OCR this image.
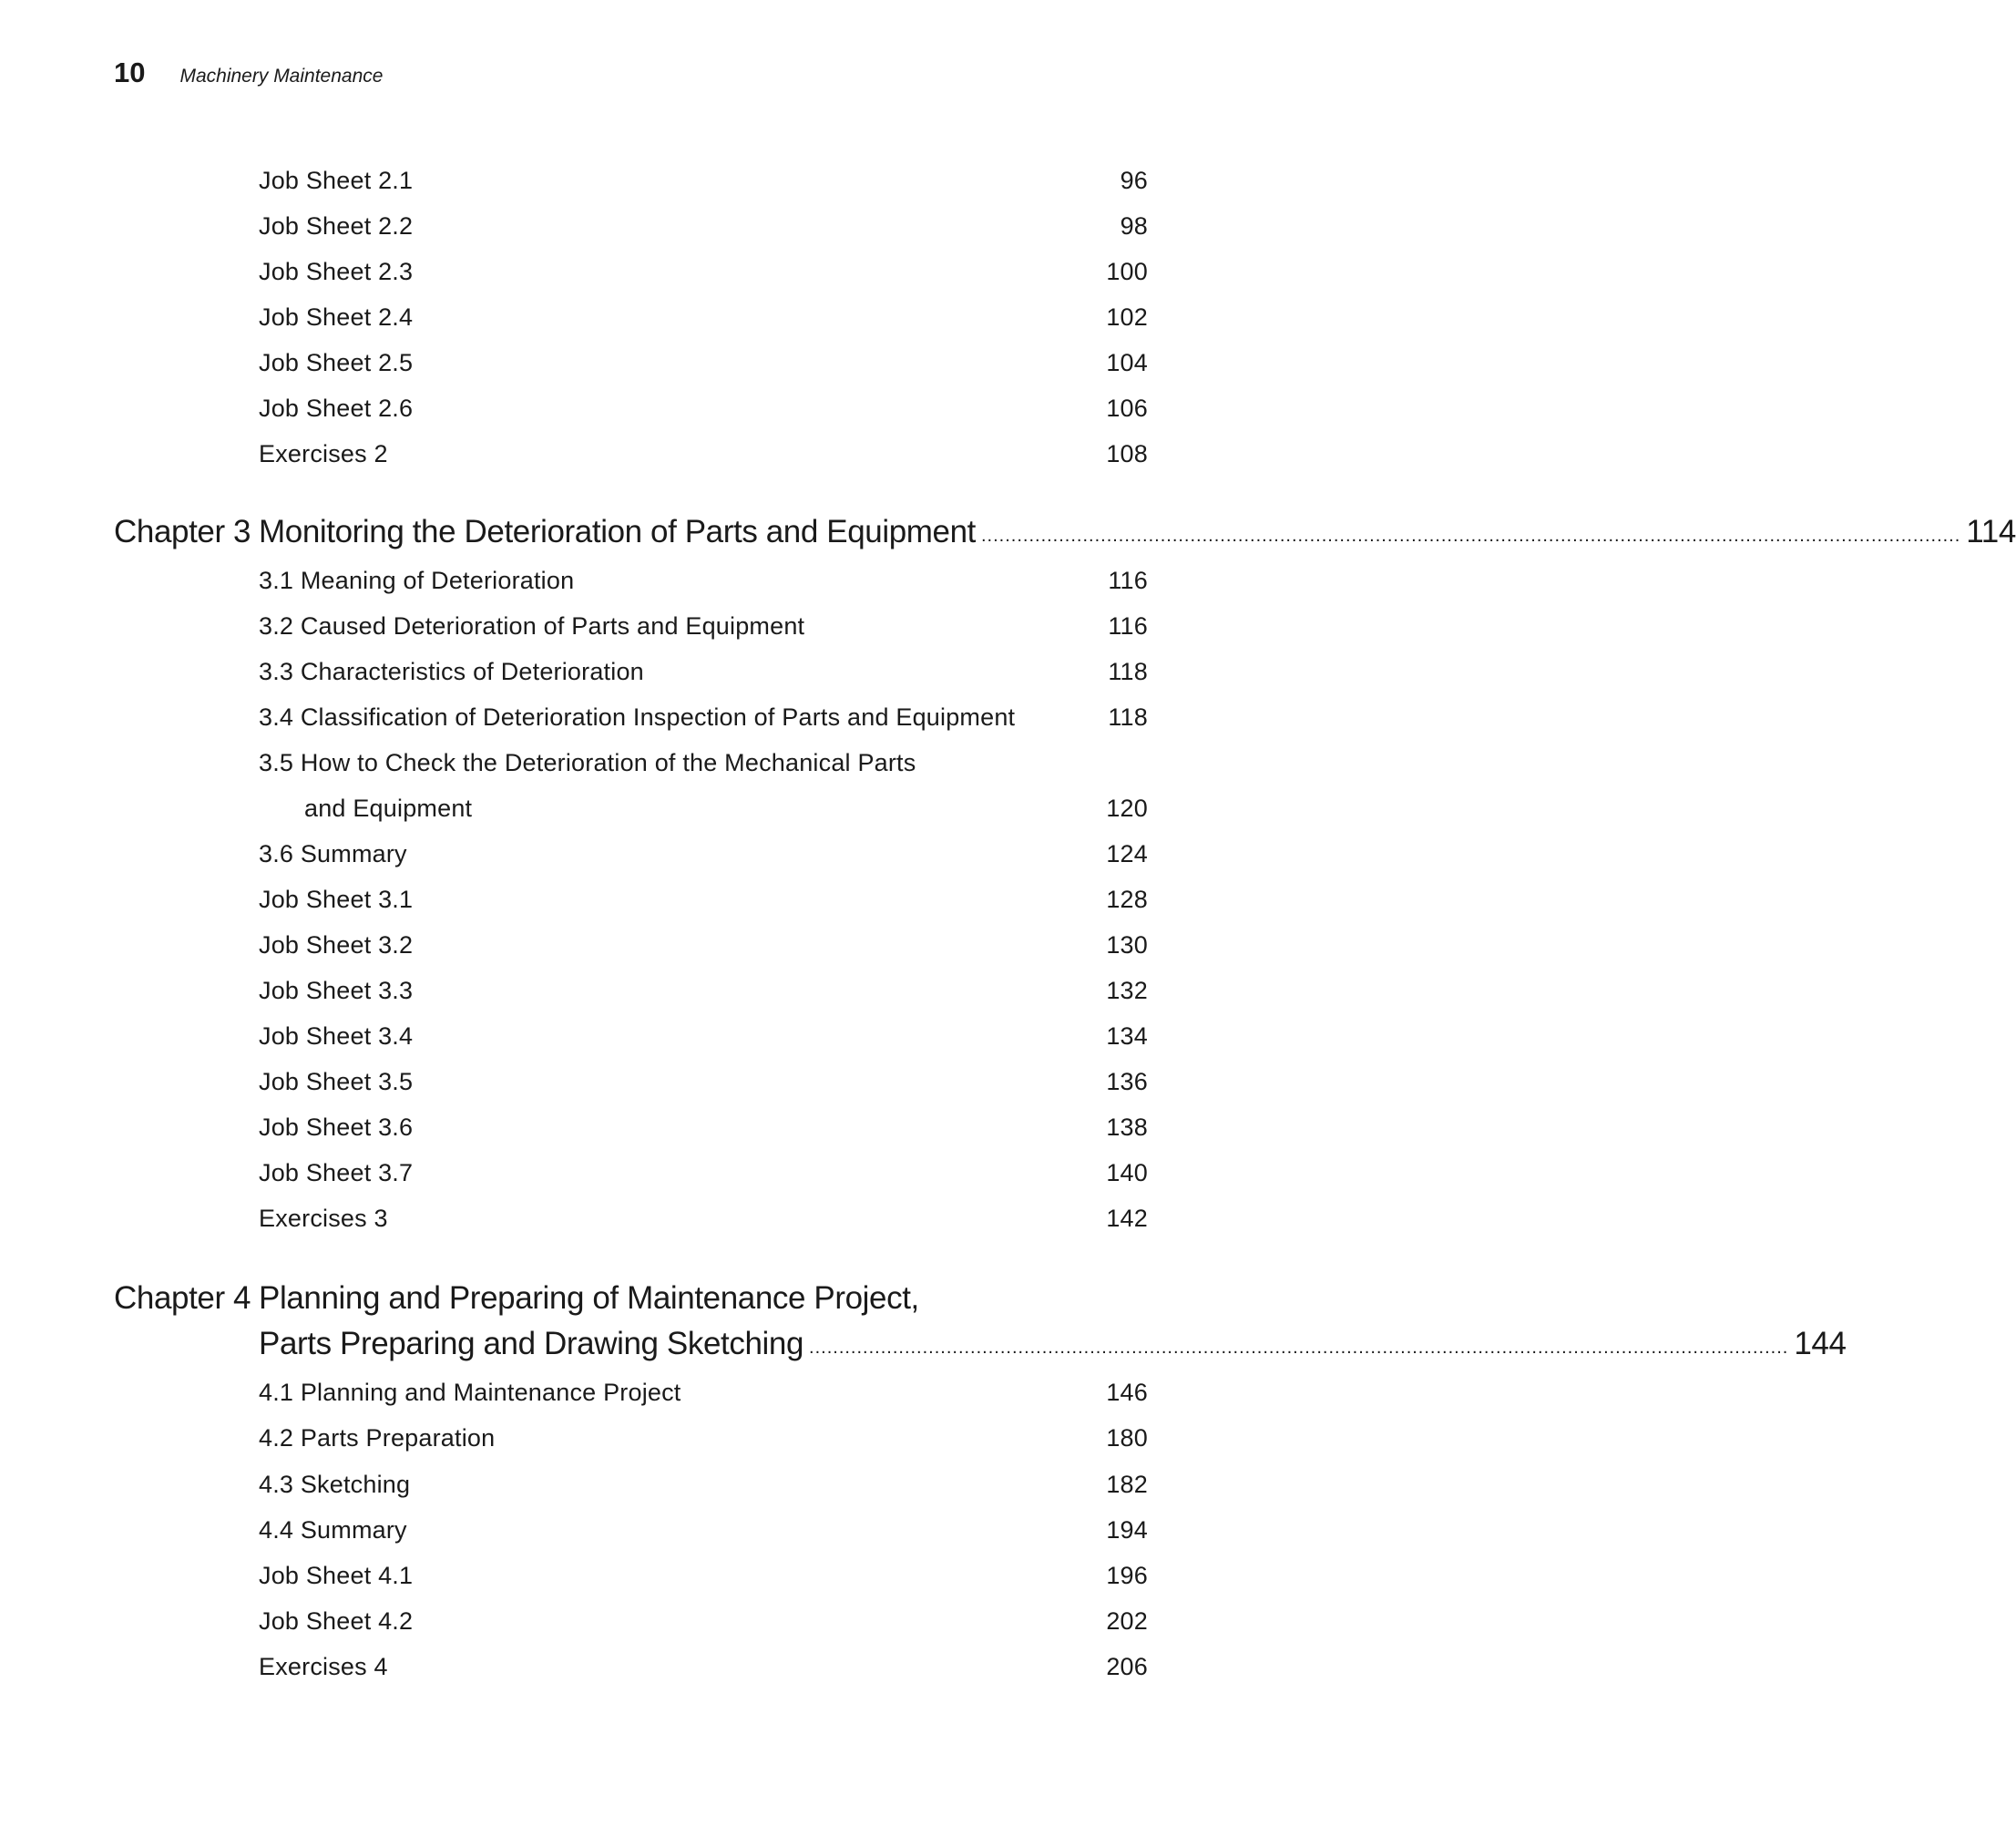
10 Machinery Maintenance
Job Sheet 2.1	96
Job Sheet 2.2	98
Job Sheet 2.3	100
Job Sheet 2.4	102
Job Sheet 2.5	104
Job Sheet 2.6	106
Exercises 2	108
Chapter 3 Monitoring the Deterioration of Parts and Equipment .................................................................................................................................................................... 114
3.1 Meaning of Deterioration	116
3.2 Caused Deterioration of Parts and Equipment	116
3.3 Characteristics of Deterioration	118
3.4 Classification of Deterioration Inspection of Parts and Equipment	118
3.5 How to Check the Deterioration of the Mechanical Parts
and Equipment	120
3.6 Summary	124
Job Sheet 3.1	128
Job Sheet 3.2	130
Job Sheet 3.3	132
Job Sheet 3.4	134
Job Sheet 3.5	136
Job Sheet 3.6	138
Job Sheet 3.7	140
Exercises 3	142
Chapter 4 Planning and Preparing of Maintenance Project,
Parts Preparing and Drawing Sketching .................................................................................................................................................................... 144
4.1 Planning and Maintenance Project	146
4.2 Parts Preparation	180
4.3 Sketching	182
4.4 Summary	194
Job Sheet 4.1	196
Job Sheet 4.2	202
Exercises 4	206
